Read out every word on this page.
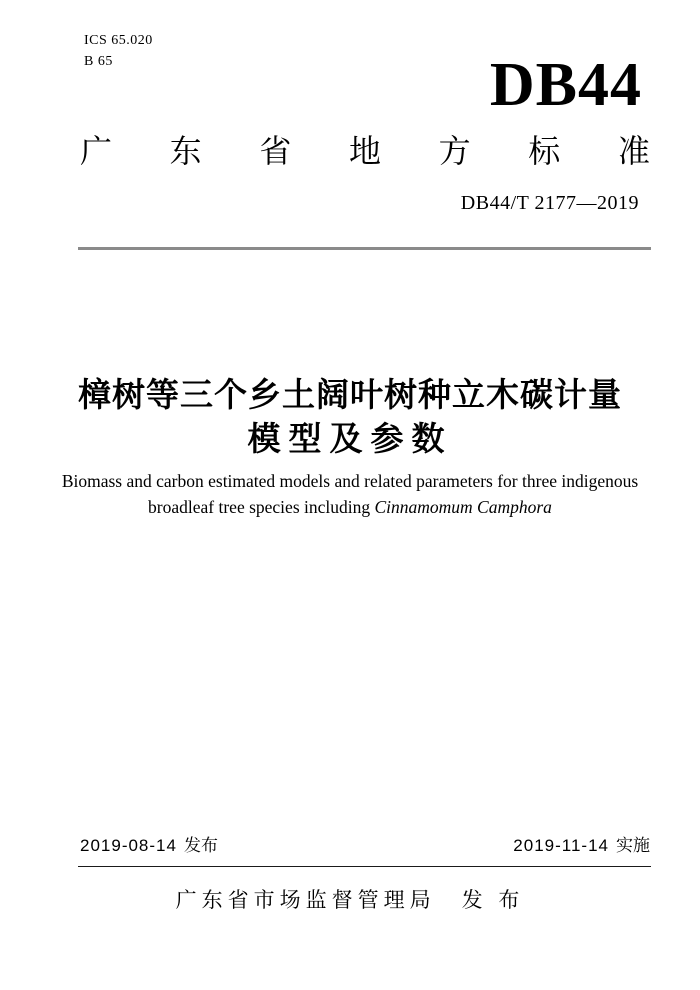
ICS 65.020
B 65	DB44
广 东 省 地 方 标 准
DB44/T 2177—2019
樟树等三个乡土阔叶树种立木碳计量
模型及参数
Biomass and carbon estimated models and related parameters for three indigenous
broadleaf tree species including Cinnamomum Camphora
2019-08-14 发布	2019-11-14 实施
广东省市场监督管理局 发 布
